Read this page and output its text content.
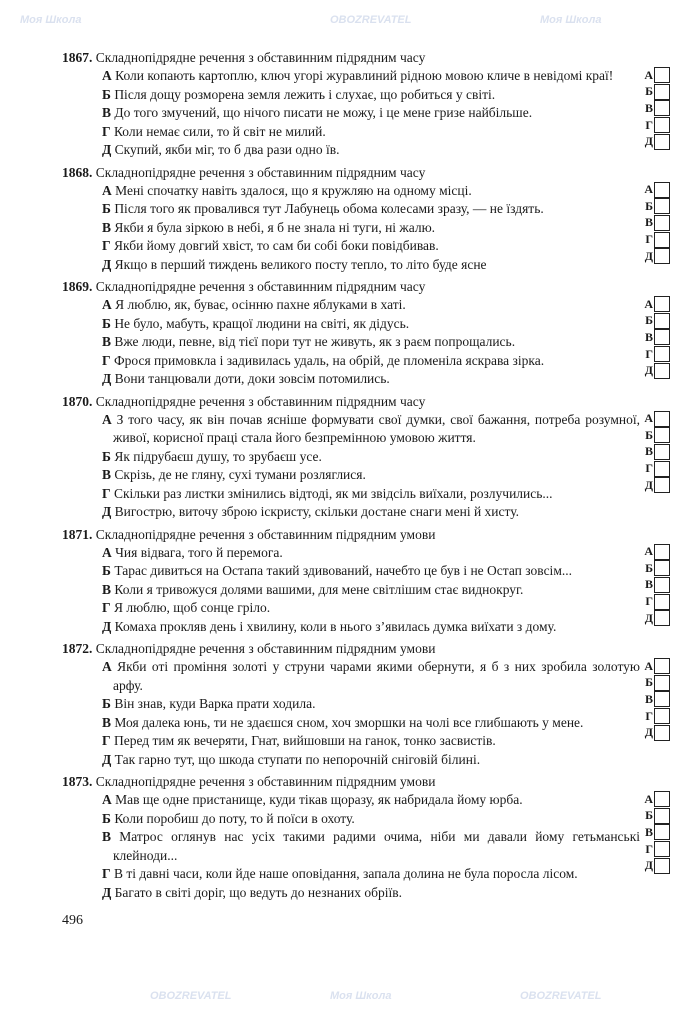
1867. Складнопідрядне речення з обставинним підрядним часу
А Коли копають картоплю, ключ угорі журавлиний рідною мовою кличе в невідомі краї!
Б Після дощу розморена земля лежить і слухає, що робиться у світі.
В До того змучений, що нічого писати не можу, і це мене гризе найбільше.
Г Коли немає сили, то й світ не милий.
Д Скупий, якби міг, то б два рази одно їв.
А
Б
В
Г
Д
1868. Складнопідрядне речення з обставинним підрядним часу
А Мені спочатку навіть здалося, що я кружляю на одному місці.
Б Після того як провалився тут Лабунець обома колесами зразу, — не їздять.
В Якби я була зіркою в небі, я б не знала ні туги, ні жалю.
Г Якби йому довгий хвіст, то сам би собі боки повідбивав.
Д Якщо в перший тиждень великого посту тепло, то літо буде ясне
А
Б
В
Г
Д
1869. Складнопідрядне речення з обставинним підрядним часу
А Я люблю, як, буває, осінню пахне яблуками в хаті.
Б Не було, мабуть, кращої людини на світі, як дідусь.
В Вже люди, певне, від тієї пори тут не живуть, як з раєм попрощались.
Г Фрося примовкла і задивилась удаль, на обрій, де пломеніла яскрава зірка.
Д Вони танцювали доти, доки зовсім потомились.
А
Б
В
Г
Д
1870. Складнопідрядне речення з обставинним підрядним часу
А З того часу, як він почав ясніше формувати свої думки, свої бажання, потреба розумної, живої, корисної праці стала його безпремінною умовою життя.
Б Як підрубаєш душу, то зрубаєш усе.
В Скрізь, де не гляну, сухі тумани розляглися.
Г Скільки раз листки змінились відтоді, як ми звідсіль виїхали, розлучились...
Д Вигострю, виточу зброю іскристу, скільки достане снаги мені й хисту.
А
Б
В
Г
Д
1871. Складнопідрядне речення з обставинним підрядним умови
А Чия відвага, того й перемога.
Б Тарас дивиться на Остапа такий здивований, начебто це був і не Остап зовсім...
В Коли я тривожуся долями вашими, для мене світлішим стає виднокруг.
Г Я люблю, щоб сонце гріло.
Д Комаха прокляв день і хвилину, коли в нього з’явилась думка виїхати з дому.
А
Б
В
Г
Д
1872. Складнопідрядне речення з обставинним підрядним умови
А Якби оті проміння золоті у струни чарами якими обернути, я б з них зробила золотую арфу.
Б Він знав, куди Варка прати ходила.
В Моя далека юнь, ти не здаєшся сном, хоч зморшки на чолі все глибшають у мене.
Г Перед тим як вечеряти, Гнат, вийшовши на ганок, тонко засвистів.
Д Так гарно тут, що шкода ступати по непорочній сніговій білині.
А
Б
В
Г
Д
1873. Складнопідрядне речення з обставинним підрядним умови
А Мав ще одне пристанище, куди тікав щоразу, як набридала йому юрба.
Б Коли поробиш до поту, то й поїси в охоту.
В Матрос оглянув нас усіх такими радими очима, ніби ми давали йому гетьманські клейноди...
Г В ті давні часи, коли йде наше оповідання, запала долина не була поросла лісом.
Д Багато в світі доріг, що ведуть до незнаних обріїв.
А
Б
В
Г
Д
496
Моя Школа	OBOZREVATEL	Моя Школа
OBOZREVATEL	Моя Школа	OBOZREVATEL
